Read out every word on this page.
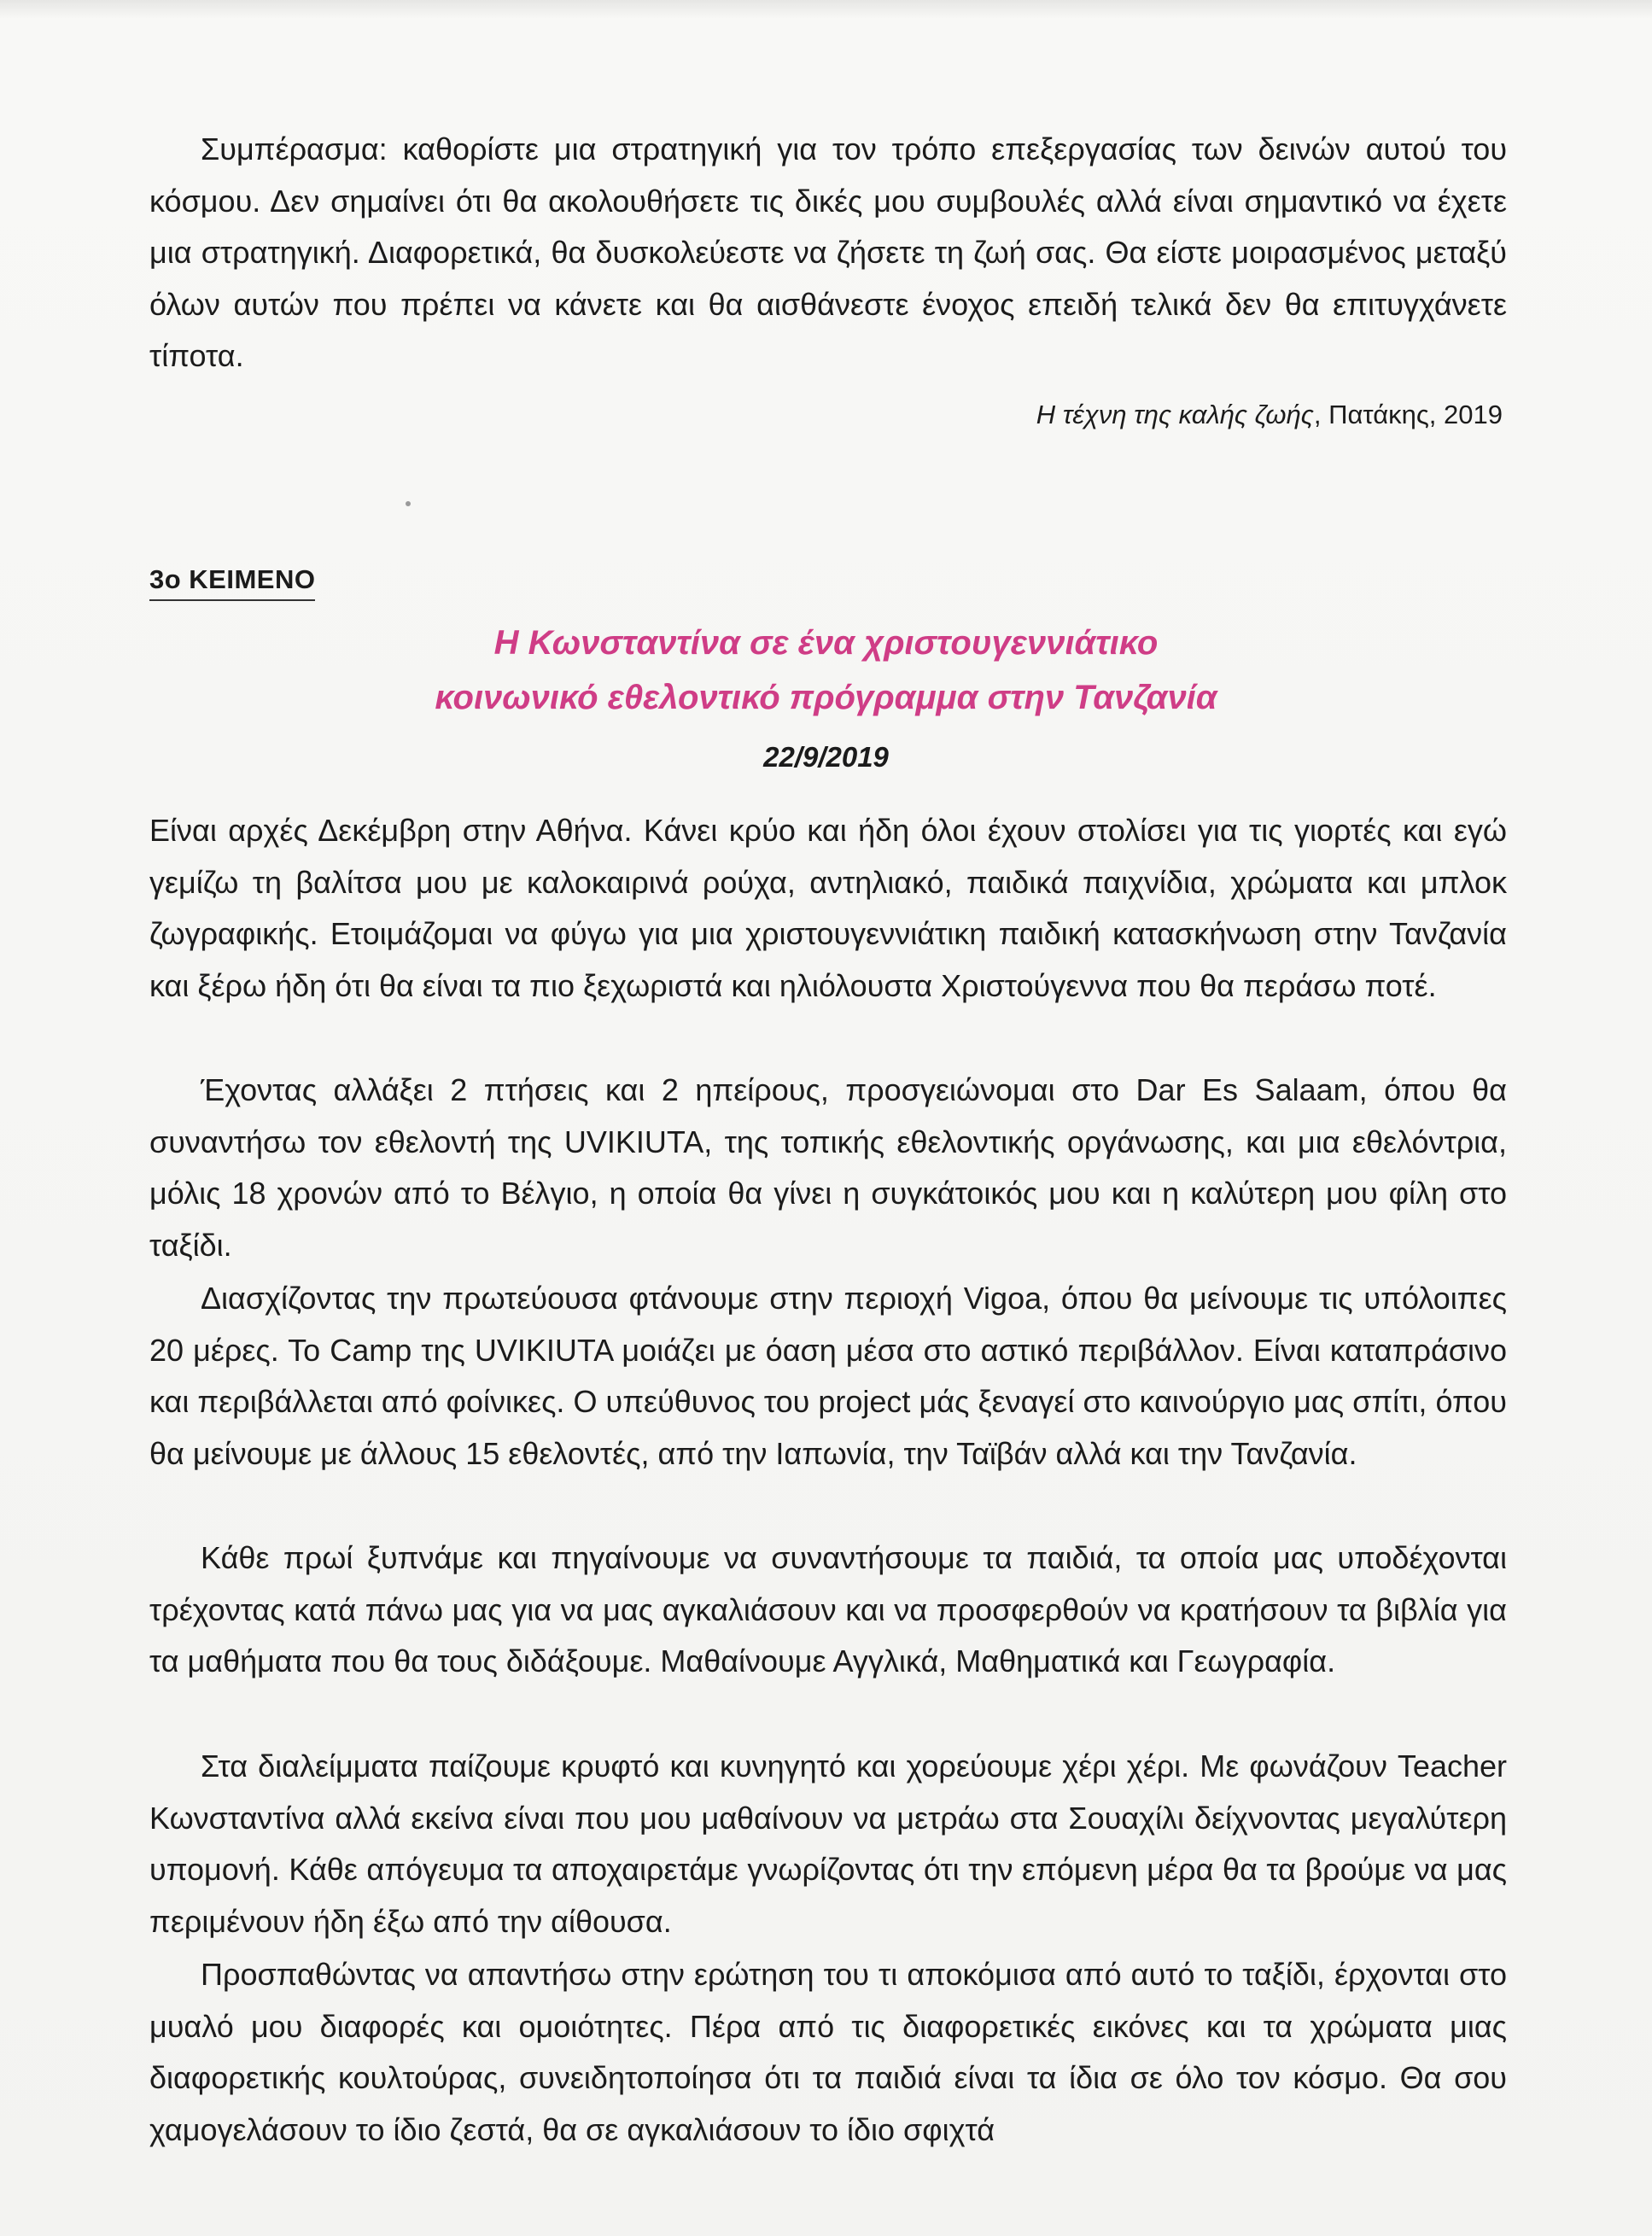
Συμπέρασμα: καθορίστε μια στρατηγική για τον τρόπο επεξεργασίας των δεινών αυτού του κόσμου. Δεν σημαίνει ότι θα ακολουθήσετε τις δικές μου συμβουλές αλλά είναι σημαντικό να έχετε μια στρατηγική. Διαφορετικά, θα δυσκολεύεστε να ζήσετε τη ζωή σας. Θα είστε μοιρασμένος μεταξύ όλων αυτών που πρέπει να κάνετε και θα αισθάνεστε ένοχος επειδή τελικά δεν θα επιτυγχάνετε τίποτα.

Η τέχνη της καλής ζωής, Πατάκης, 2019
3ο ΚΕΙΜΕΝΟ
Η Κωνσταντίνα σε ένα χριστουγεννιάτικο
κοινωνικό εθελοντικό πρόγραμμα στην Τανζανία
22/9/2019

Είναι αρχές Δεκέμβρη στην Αθήνα. Κάνει κρύο και ήδη όλοι έχουν στολίσει για τις γιορτές και εγώ γεμίζω τη βαλίτσα μου με καλοκαιρινά ρούχα, αντηλιακό, παιδικά παιχνίδια, χρώματα και μπλοκ ζωγραφικής. Ετοιμάζομαι να φύγω για μια χριστουγεννιάτικη παιδική κατασκήνωση στην Τανζανία και ξέρω ήδη ότι θα είναι τα πιο ξεχωριστά και ηλιόλουστα Χριστούγεννα που θα περάσω ποτέ.

Έχοντας αλλάξει 2 πτήσεις και 2 ηπείρους, προσγειώνομαι στο Dar Es Salaam, όπου θα συναντήσω τον εθελοντή της UVIKIUTA, της τοπικής εθελοντικής οργάνωσης, και μια εθελόντρια, μόλις 18 χρονών από το Βέλγιο, η οποία θα γίνει η συγκάτοικός μου και η καλύτερη μου φίλη στο ταξίδι.

Διασχίζοντας την πρωτεύουσα φτάνουμε στην περιοχή Vigoa, όπου θα μείνουμε τις υπόλοιπες 20 μέρες. Το Camp της UVIKIUTA μοιάζει με όαση μέσα στο αστικό περιβάλλον. Είναι καταπράσινο και περιβάλλεται από φοίνικες. Ο υπεύθυνος του project μάς ξεναγεί στο καινούργιο μας σπίτι, όπου θα μείνουμε με άλλους 15 εθελοντές, από την Ιαπωνία, την Ταϊβάν αλλά και την Τανζανία.

Κάθε πρωί ξυπνάμε και πηγαίνουμε να συναντήσουμε τα παιδιά, τα οποία μας υποδέχονται τρέχοντας κατά πάνω μας για να μας αγκαλιάσουν και να προσφερθούν να κρατήσουν τα βιβλία για τα μαθήματα που θα τους διδάξουμε. Μαθαίνουμε Αγγλικά, Μαθηματικά και Γεωγραφία.

Στα διαλείμματα παίζουμε κρυφτό και κυνηγητό και χορεύουμε χέρι χέρι. Με φωνάζουν Teacher Κωνσταντίνα αλλά εκείνα είναι που μου μαθαίνουν να μετράω στα Σουαχίλι δείχνοντας μεγαλύτερη υπομονή. Κάθε απόγευμα τα αποχαιρετάμε γνωρίζοντας ότι την επόμενη μέρα θα τα βρούμε να μας περιμένουν ήδη έξω από την αίθουσα.

Προσπαθώντας να απαντήσω στην ερώτηση του τι αποκόμισα από αυτό το ταξίδι, έρχονται στο μυαλό μου διαφορές και ομοιότητες. Πέρα από τις διαφορετικές εικόνες και τα χρώματα μιας διαφορετικής κουλτούρας, συνειδητοποίησα ότι τα παιδιά είναι τα ίδια σε όλο τον κόσμο. Θα σου χαμογελάσουν το ίδιο ζεστά, θα σε αγκαλιάσουν το ίδιο σφιχτά
